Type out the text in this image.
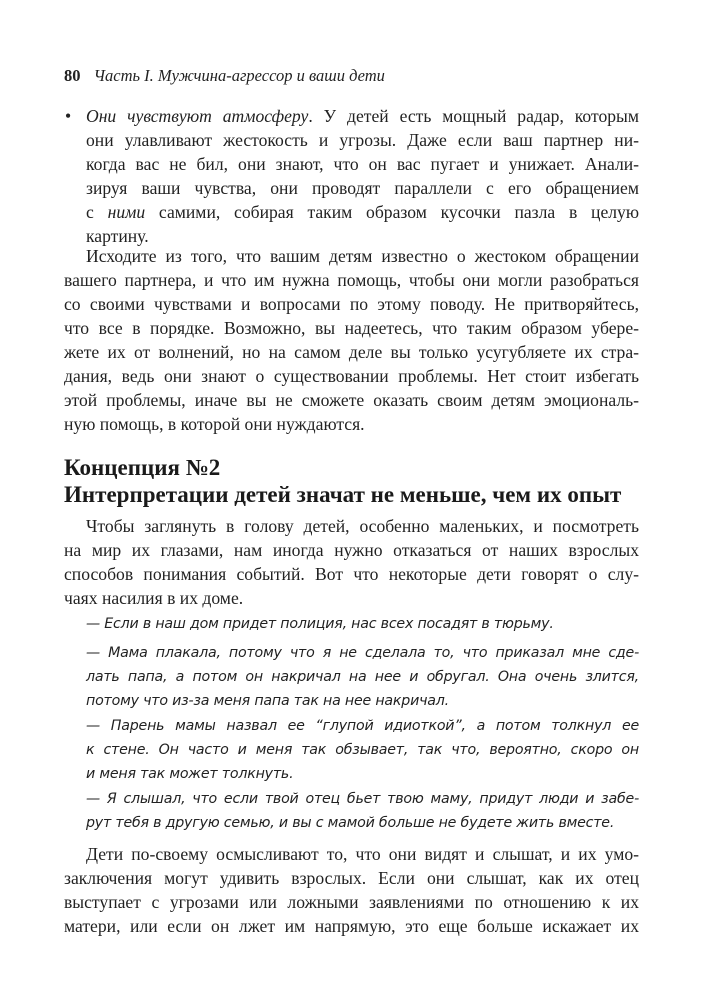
80 Часть I. Мужчина-агрессор и ваши дети
• Они чувствуют атмосферу. У детей есть мощный радар, которым
они улавливают жестокость и угрозы. Даже если ваш партнер ни-
когда вас не бил, они знают, что он вас пугает и унижает. Анали-
зируя ваши чувства, они проводят параллели с его обращением
с ними самими, собирая таким образом кусочки пазла в целую
картину.
Исходите из того, что вашим детям известно о жестоком обращении
вашего партнера, и что им нужна помощь, чтобы они могли разобраться
со своими чувствами и вопросами по этому поводу. Не притворяйтесь,
что все в порядке. Возможно, вы надеетесь, что таким образом убере-
жете их от волнений, но на самом деле вы только усугубляете их стра-
дания, ведь они знают о существовании проблемы. Нет стоит избегать
этой проблемы, иначе вы не сможете оказать своим детям эмоциональ-
ную помощь, в которой они нуждаются.
Концепция №2
Интерпретации детей значат не меньше, чем их опыт
Чтобы заглянуть в голову детей, особенно маленьких, и посмотреть
на мир их глазами, нам иногда нужно отказаться от наших взрослых
способов понимания событий. Вот что некоторые дети говорят о слу-
чаях насилия в их доме.
— Если в наш дом придет полиция, нас всех посадят в тюрьму.
— Мама плакала, потому что я не сделала то, что приказал мне сде-
лать папа, а потом он накричал на нее и обругал. Она очень злится,
потому что из-за меня папа так на нее накричал.
— Парень мамы назвал ее “глупой идиоткой”, а потом толкнул ее
к стене. Он часто и меня так обзывает, так что, вероятно, скоро он
и меня так может толкнуть.
— Я слышал, что если твой отец бьет твою маму, придут люди и забе-
рут тебя в другую семью, и вы с мамой больше не будете жить вместе.
Дети по-своему осмысливают то, что они видят и слышат, и их умо-
заключения могут удивить взрослых. Если они слышат, как их отец
выступает с угрозами или ложными заявлениями по отношению к их
матери, или если он лжет им напрямую, это еще больше искажает их
